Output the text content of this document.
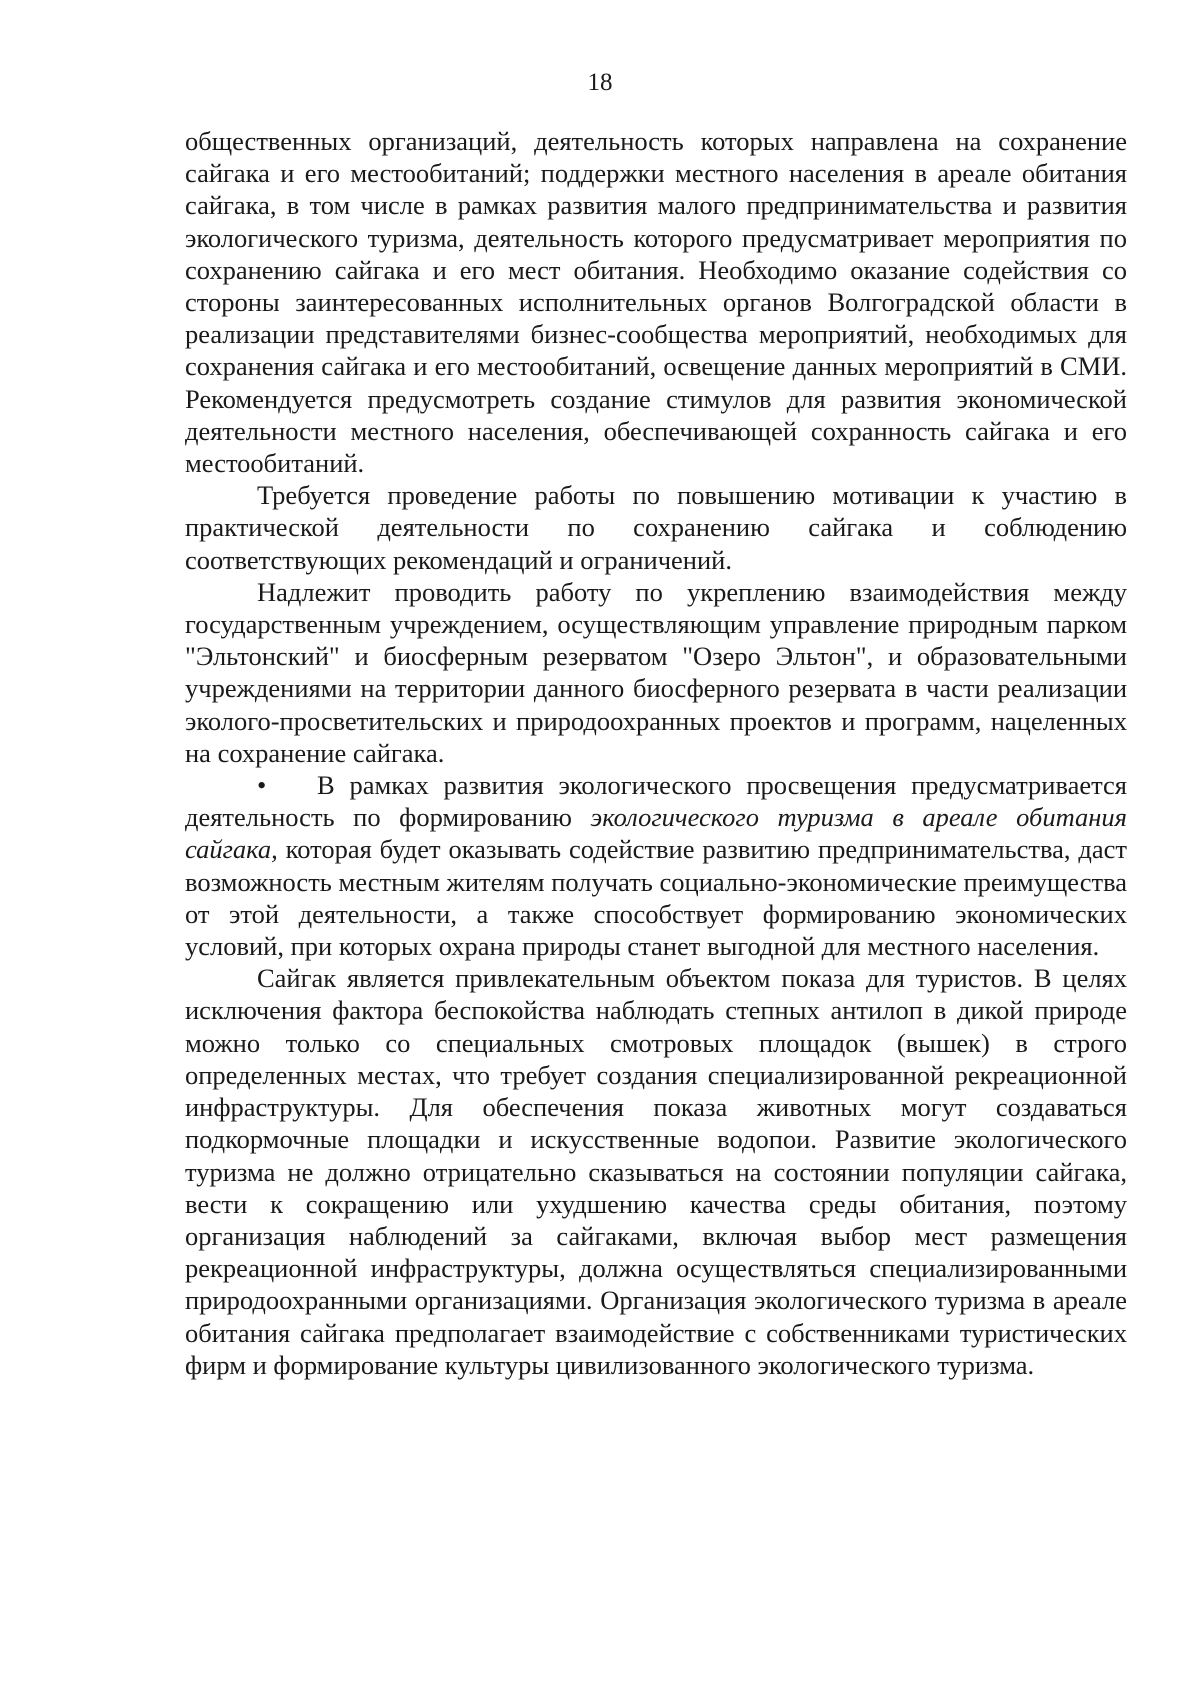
18

общественных организаций, деятельность которых направлена на сохранение сайгака и его местообитаний; поддержки местного населения в ареале обитания сайгака, в том числе в рамках развития малого предпринимательства и развития экологического туризма, деятельность которого предусматривает мероприятия по сохранению сайгака и его мест обитания. Необходимо оказание содействия со стороны заинтересованных исполнительных органов Волгоградской области в реализации представителями бизнес-сообщества мероприятий, необходимых для сохранения сайгака и его местообитаний, освещение данных мероприятий в СМИ. Рекомендуется предусмотреть создание стимулов для развития экономической деятельности местного населения, обеспечивающей сохранность сайгака и его местообитаний.

Требуется проведение работы по повышению мотивации к участию в практической деятельности по сохранению сайгака и соблюдению соответствующих рекомендаций и ограничений.

Надлежит проводить работу по укреплению взаимодействия между государственным учреждением, осуществляющим управление природным парком "Эльтонский" и биосферным резерватом "Озеро Эльтон", и образовательными учреждениями на территории данного биосферного резервата в части реализации эколого-просветительских и природоохранных проектов и программ, нацеленных на сохранение сайгака.

• В рамках развития экологического просвещения предусматривается деятельность по формированию экологического туризма в ареале обитания сайгака, которая будет оказывать содействие развитию предпринимательства, даст возможность местным жителям получать социально-экономические преимущества от этой деятельности, а также способствует формированию экономических условий, при которых охрана природы станет выгодной для местного населения.

Сайгак является привлекательным объектом показа для туристов. В целях исключения фактора беспокойства наблюдать степных антилоп в дикой природе можно только со специальных смотровых площадок (вышек) в строго определенных местах, что требует создания специализированной рекреационной инфраструктуры. Для обеспечения показа животных могут создаваться подкормочные площадки и искусственные водопои. Развитие экологического туризма не должно отрицательно сказываться на состоянии популяции сайгака, вести к сокращению или ухудшению качества среды обитания, поэтому организация наблюдений за сайгаками, включая выбор мест размещения рекреационной инфраструктуры, должна осуществляться специализированными природоохранными организациями. Организация экологического туризма в ареале обитания сайгака предполагает взаимодействие с собственниками туристических фирм и формирование культуры цивилизованного экологического туризма.
